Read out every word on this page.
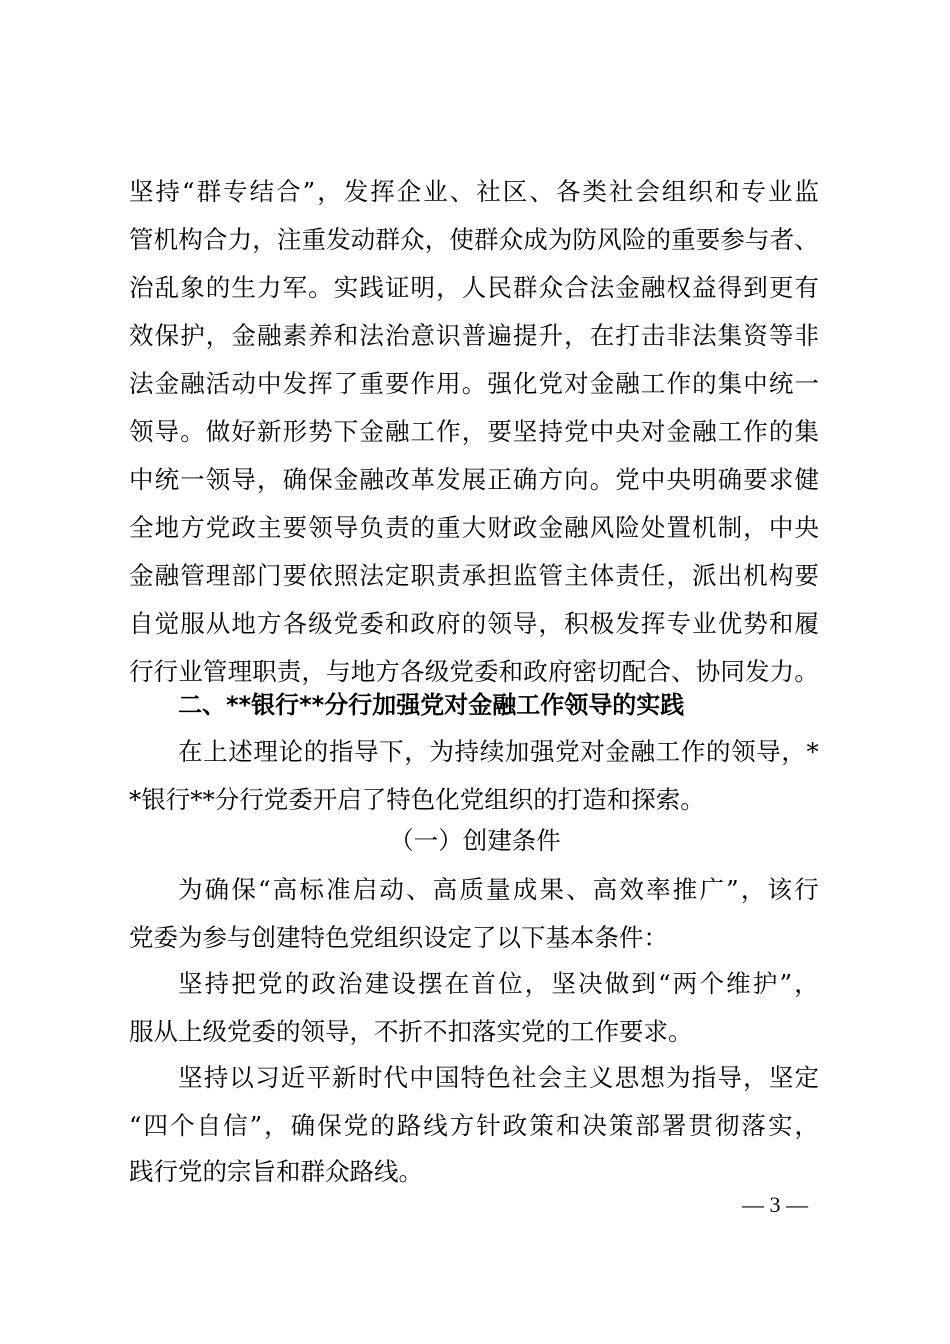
坚 持 “ 群 专 结 合 ” ， 发 挥 企 业 、 社 区 、 各 类 社 会 组 织 和 专 业 监
管 机 构 合 力 ， 注 重 发 动 群 众 ， 使 群 众 成 为 防 风 险 的 重 要 参 与 者 、
治 乱 象 的 生 力 军 。 实 践 证 明 ， 人 民 群 众 合 法 金 融 权 益 得 到 更 有
效 保 护 ， 金 融 素 养 和 法 治 意 识 普 遍 提 升 ， 在 打 击 非 法 集 资 等 非
法 金 融 活 动 中 发 挥 了 重 要 作 用 。 强 化 党 对 金 融 工 作 的 集 中 统 一
领 导 。 做 好 新 形 势 下 金 融 工 作 ， 要 坚 持 党 中 央 对 金 融 工 作 的 集
中 统 一 领 导 ， 确 保 金 融 改 革 发 展 正 确 方 向 。 党 中 央 明 确 要 求 健
全 地 方 党 政 主 要 领 导 负 责 的 重 大 财 政 金 融 风 险 处 置 机 制 ， 中 央
金 融 管 理 部 门 要 依 照 法 定 职 责 承 担 监 管 主 体 责 任 ， 派 出 机 构 要
自 觉 服 从 地 方 各 级 党 委 和 政 府 的 领 导 ， 积 极 发 挥 专 业 优 势 和 履
行 行 业 管 理 职 责 ， 与 地 方 各 级 党 委 和 政 府 密 切 配 合 、 协 同 发 力 。
二、**银行**分行加强党对金融工作领导的实践
在 上 述 理 论 的 指 导 下 ， 为 持 续 加 强 党 对 金 融 工 作 的 领 导 ， *
* 银 行 * * 分 行 党 委 开 启 了 特 色 化 党 组 织 的 打 造 和 探 索 。
（一）创建条件
为 确 保 “ 高 标 准 启 动 、 高 质 量 成 果 、 高 效 率 推 广 ” ， 该 行
党 委 为 参 与 创 建 特 色 党 组 织 设 定 了 以 下 基 本 条 件 ：
坚 持 把 党 的 政 治 建 设 摆 在 首 位 ， 坚 决 做 到 “ 两 个 维 护 ” ，
服 从 上 级 党 委 的 领 导 ， 不 折 不 扣 落 实 党 的 工 作 要 求 。
坚 持 以 习 近 平 新 时 代 中 国 特 色 社 会 主 义 思 想 为 指 导 ， 坚 定
“ 四 个 自 信 ” ， 确 保 党 的 路 线 方 针 政 策 和 决 策 部 署 贯 彻 落 实 ，
践 行 党 的 宗 旨 和 群 众 路 线 。
— 3 —
